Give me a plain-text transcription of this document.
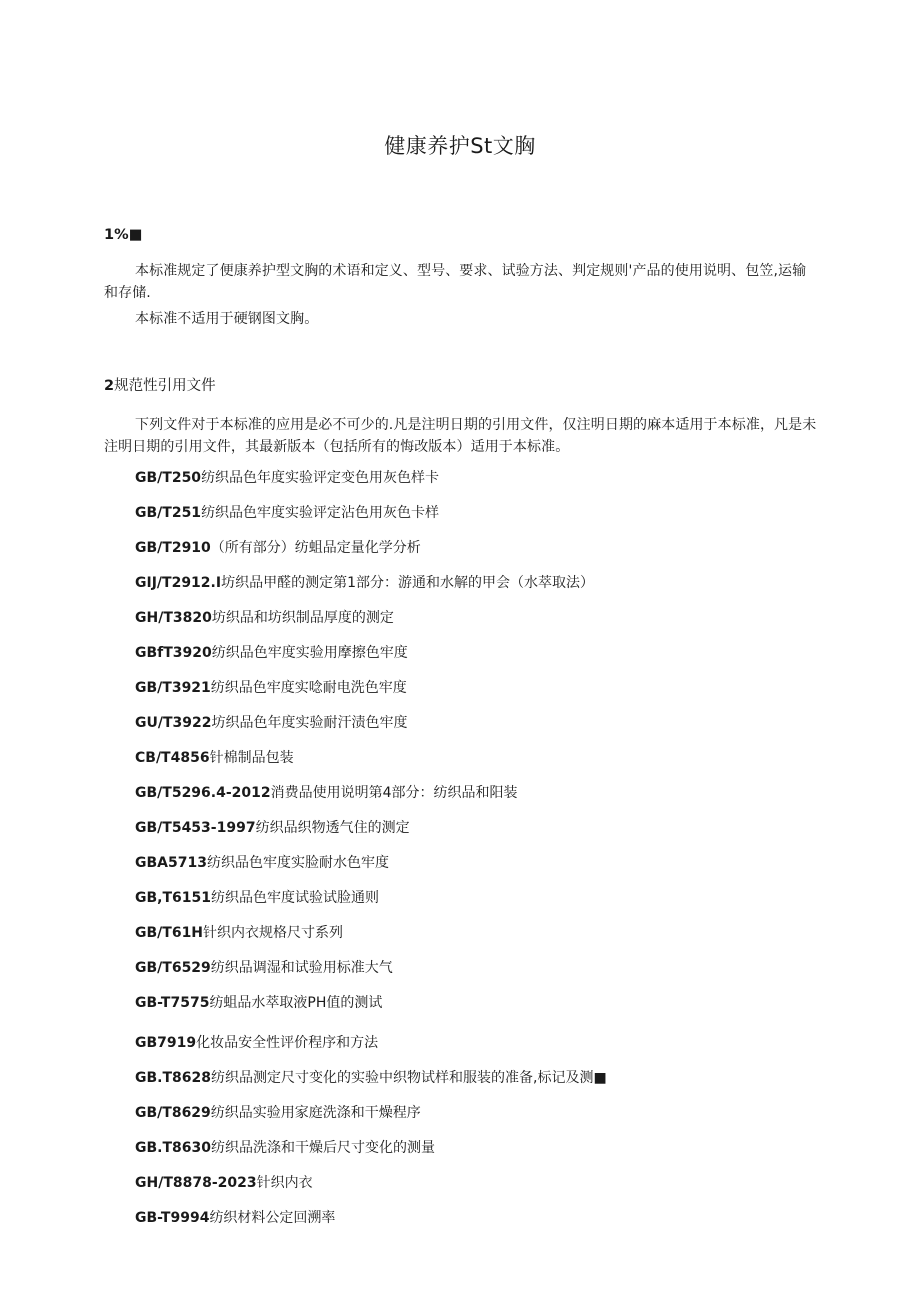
健康养护St文胸
1%■
本标准规定了便康养护型文胸的术语和定义、型号、要求、试验方法、判定规则'产品的使用说明、包笠,运输和存储.
本标准不适用于硬钢图文胸。
2规范性引用文件
下列文件对于本标准的应用是必不可少的.凡是注明日期的引用文件，仅注明日期的麻本适用于本标准，凡是未注明日期的引用文件，其最新版本（包括所有的悔改版本）适用于本标准。
GB/T250纺织品色年度实验评定变色用灰色样卡
GB/T251纺织品色牢度实验评定沾色用灰色卡样
GB/T2910（所有部分）纺蛆品定量化学分析
GIJ/T2912.I坊织品甲醛的测定第1部分：游通和水解的甲会（水萃取法）
GH/T3820坊织品和坊织制品厚度的测定
GBfT3920纺织品色牢度实验用摩擦色牢度
GB/T3921纺织品色牢度实唸耐电洗色牢度
GU/T3922坊织品色年度实验耐汗渍色牢度
CB/T4856针棉制品包装
GB/T5296.4-2012消费品使用说明第4部分：纺织品和阳装
GB/T5453-1997纺织品织物透气住的测定
GBA5713纺织品色牢度实脸耐水色牢度
GB,T6151纺织品色牢度试验试脸通则
GB/T61H针织内衣规格尺寸系列
GB/T6529纺织品调湿和试验用标准大气
GB-T7575纺蛆品水萃取液PH值的测试
GB7919化妆品安全性评价程序和方法
GB.T8628纺织品测定尺寸变化的实验中织物试样和服装的准备,标记及测■
GB/T8629纺织品实验用家庭洗涤和干燥程序
GB.T8630纺织品洗涤和干燥后尺寸变化的测量
GH/T8878-2023针织内衣
GB-T9994纺织材料公定回溯率
